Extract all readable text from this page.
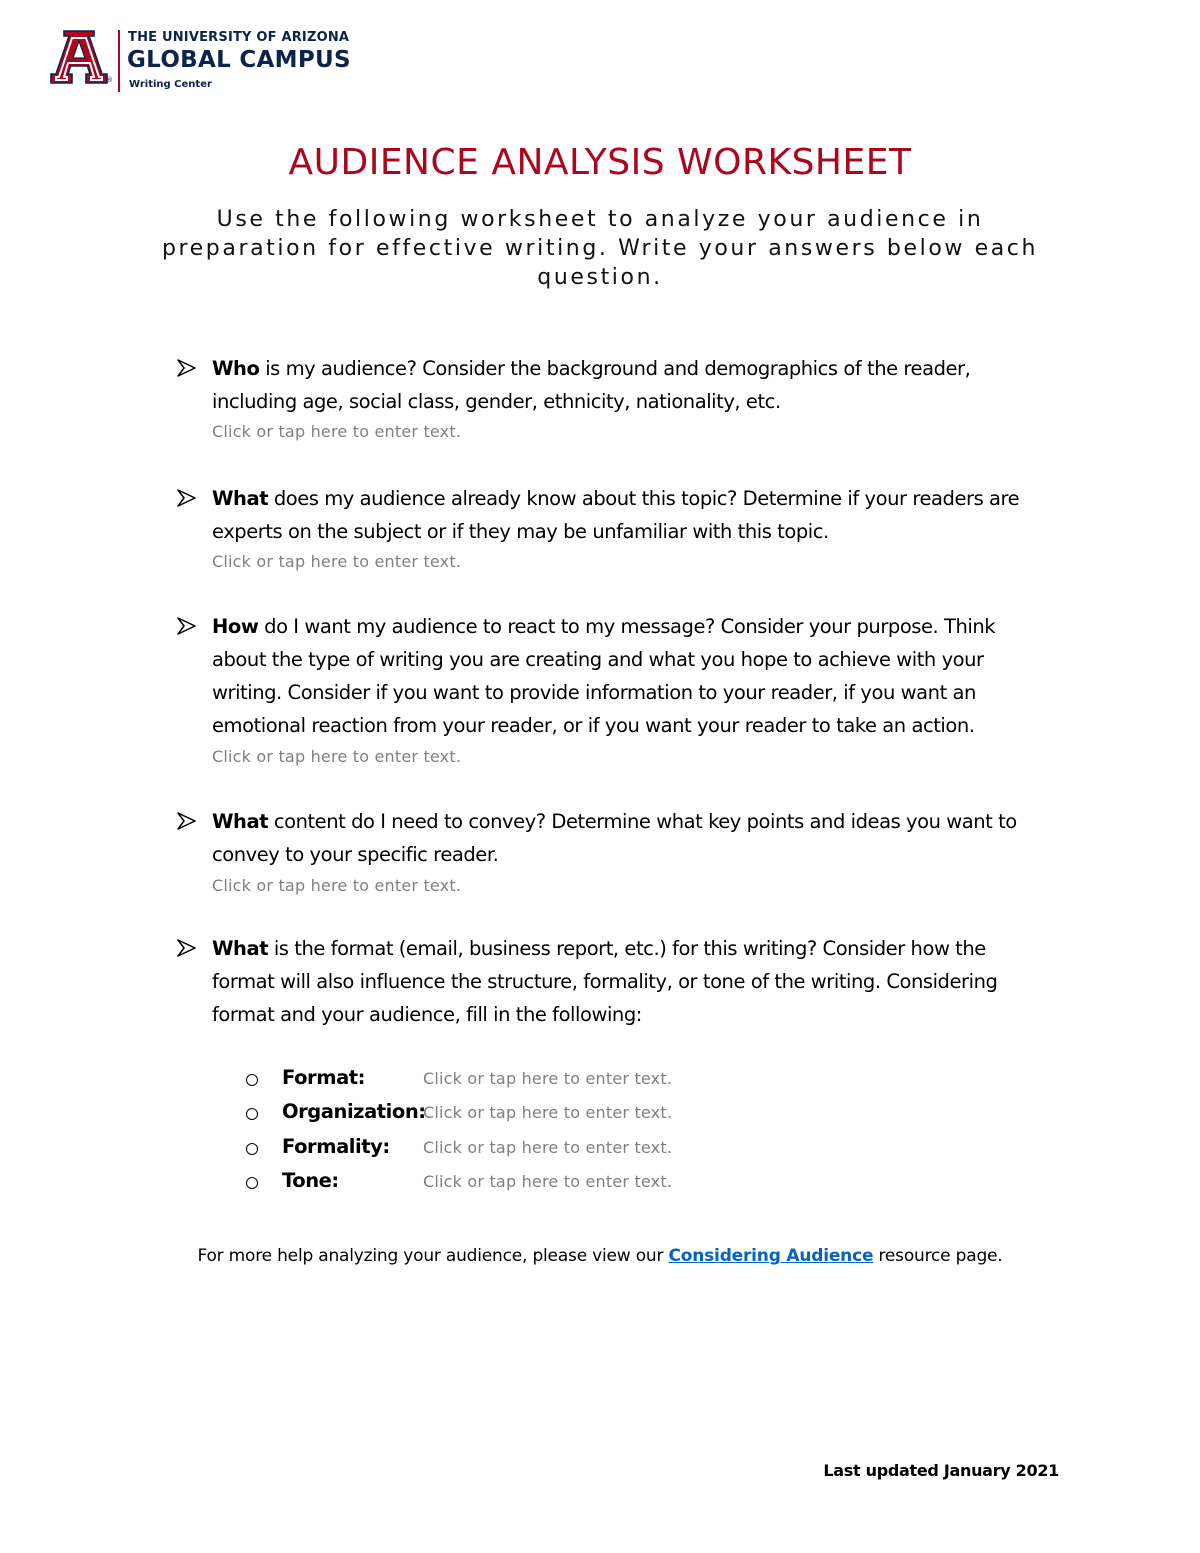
®
THE UNIVERSITY OF ARIZONA
GLOBAL CAMPUS
Writing Center
AUDIENCE ANALYSIS WORKSHEET
Use the following worksheet to analyze your audience in preparation for effective writing. Write your answers below each question.
Who is my audience? Consider the background and demographics of the reader, including age, social class, gender, ethnicity, nationality, etc.
Click or tap here to enter text.
What does my audience already know about this topic? Determine if your readers are experts on the subject or if they may be unfamiliar with this topic.
Click or tap here to enter text.
How do I want my audience to react to my message? Consider your purpose. Think about the type of writing you are creating and what you hope to achieve with your writing. Consider if you want to provide information to your reader, if you want an emotional reaction from your reader, or if you want your reader to take an action.
Click or tap here to enter text.
What content do I need to convey? Determine what key points and ideas you want to convey to your specific reader.
Click or tap here to enter text.
What is the format (email, business report, etc.) for this writing? Consider how the format will also influence the structure, formality, or tone of the writing. Considering format and your audience, fill in the following:
Format:	Click or tap here to enter text.
Organization:
Click or tap here to enter text.
Formality: Click or tap here to enter text.
Tone:	Click or tap here to enter text.
For more help analyzing your audience, please view our Considering Audience resource page.
Last updated January 2021
